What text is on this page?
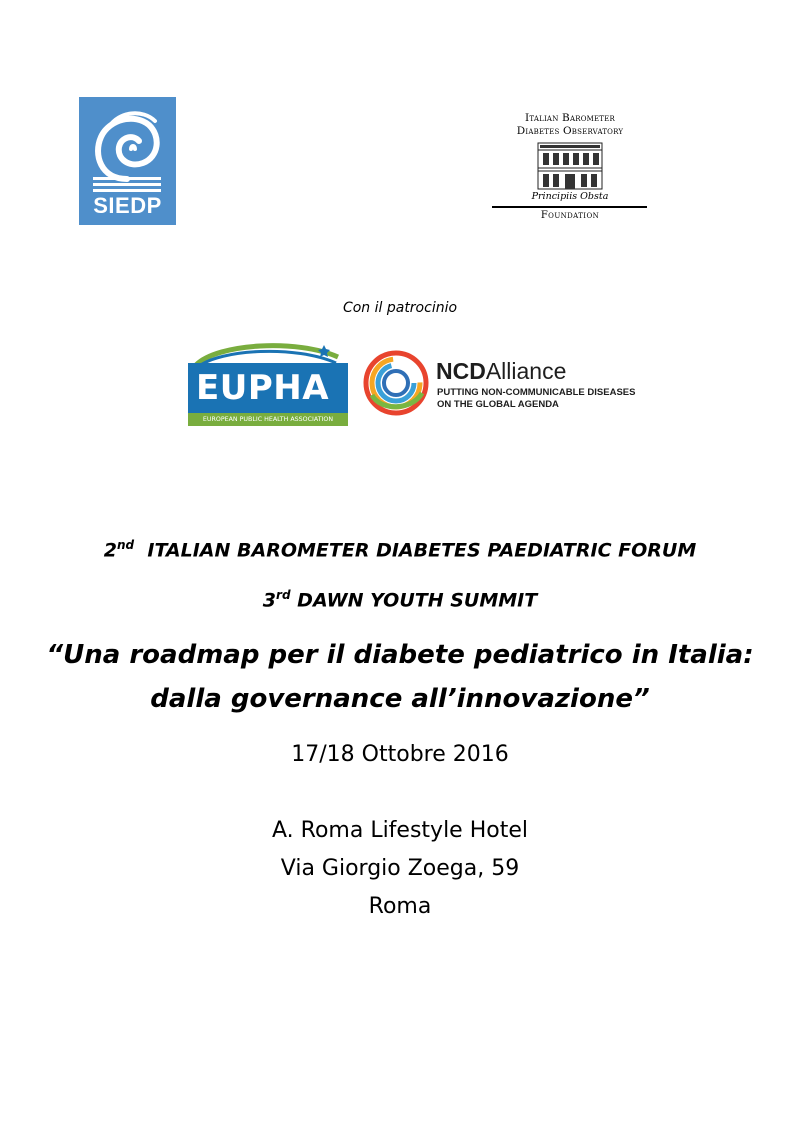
SIEDP
Italian Barometer
Diabetes Observatory
Principiis Obsta
Foundation
Con il patrocinio
EUPHA
EUROPEAN PUBLIC HEALTH ASSOCIATION
NCDAlliance
PUTTING NON-COMMUNICABLE DISEASES
ON THE GLOBAL AGENDA
2nd ITALIAN BAROMETER DIABETES PAEDIATRIC FORUM
3rd DAWN YOUTH SUMMIT
“Una roadmap per il diabete pediatrico in Italia:
dalla governance all’innovazione”
17/18 Ottobre 2016
A. Roma Lifestyle Hotel
Via Giorgio Zoega, 59
Roma
